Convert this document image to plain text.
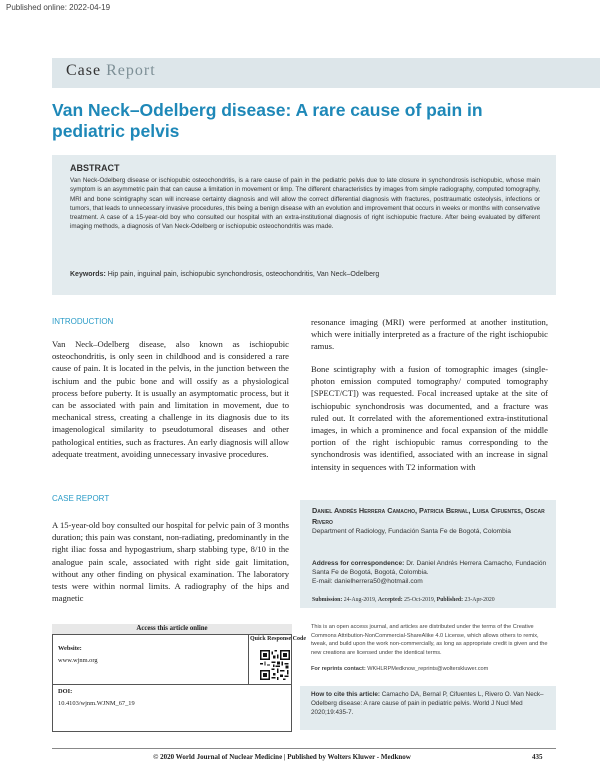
Published online: 2022-04-19
Case Report
Van Neck–Odelberg disease: A rare cause of pain in pediatric pelvis
ABSTRACT
Van Neck-Odelberg disease or ischiopubic osteochondritis, is a rare cause of pain in the pediatric pelvis due to late closure in synchondrosis ischiopubic, whose main symptom is an asymmetric pain that can cause a limitation in movement or limp. The different characteristics by images from simple radiography, computed tomography, MRI and bone scintigraphy scan will increase certainty diagnosis and will allow the correct differential diagnosis with fractures, posttraumatic osteolysis, infections or tumors, that leads to unnecessary invasive procedures, this being a benign disease with an evolution and improvement that occurs in weeks or months with conservative treatment. A case of a 15-year-old boy who consulted our hospital with an extra-institutional diagnosis of right ischiopubic fracture. After being evaluated by different imaging methods, a diagnosis of Van Neck-Odelberg or ischiopubic osteochondritis was made.
Keywords: Hip pain, inguinal pain, ischiopubic synchondrosis, osteochondritis, Van Neck–Odelberg
INTRODUCTION
Van Neck–Odelberg disease, also known as ischiopubic osteochondritis, is only seen in childhood and is considered a rare cause of pain. It is located in the pelvis, in the junction between the ischium and the pubic bone and will ossify as a physiological process before puberty. It is usually an asymptomatic process, but it can be associated with pain and limitation in movement, due to mechanical stress, creating a challenge in its diagnosis due to its imagenological similarity to pseudotumoral diseases and other pathological entities, such as fractures. An early diagnosis will allow adequate treatment, avoiding unnecessary invasive procedures.
CASE REPORT
A 15-year-old boy consulted our hospital for pelvic pain of 3 months duration; this pain was constant, non-radiating, predominantly in the right iliac fossa and hypogastrium, sharp stabbing type, 8/10 in the analogue pain scale, associated with right side gait limitation, without any other finding on physical examination. The laboratory tests were within normal limits. A radiography of the hips and magnetic
resonance imaging (MRI) were performed at another institution, which were initially interpreted as a fracture of the right ischiopubic ramus.
Bone scintigraphy with a fusion of tomographic images (single-photon emission computed tomography/ computed tomography [SPECT/CT]) was requested. Focal increased uptake at the site of ischiopubic synchondrosis was documented, and a fracture was ruled out. It correlated with the aforementioned extra-institutional images, in which a prominence and focal expansion of the middle portion of the right ischiopubic ramus corresponding to the synchondrosis was identified, associated with an increase in signal intensity in sequences with T2 information with
Daniel Andrés Herrera Camacho, Patricia Bernal, Luisa Cifuentes, Oscar Rivero
Department of Radiology, Fundación Santa Fe de Bogotá, Colombia
Address for correspondence: Dr. Daniel Andrés Herrera Camacho, Fundación Santa Fe de Bogotá, Bogotá, Colombia.
E-mail: danielherrera50@hotmail.com
Submission: 24-Aug-2019, Accepted: 25-Oct-2019, Published: 23-Apr-2020
Access this article online
Quick Response Code
Website:
www.wjnm.org
DOI:
10.4103/wjnm.WJNM_67_19
This is an open access journal, and articles are distributed under the terms of the Creative Commons Attribution-NonCommercial-ShareAlike 4.0 License, which allows others to remix, tweak, and build upon the work non-commercially, as long as appropriate credit is given and the new creations are licensed under the identical terms.
For reprints contact: WKHLRPMedknow_reprints@wolterskluwer.com
How to cite this article: Camacho DA, Bernal P, Cifuentes L, Rivero O. Van Neck–Odelberg disease: A rare cause of pain in pediatric pelvis. World J Nucl Med 2020;19:435-7.
© 2020 World Journal of Nuclear Medicine | Published by Wolters Kluwer - Medknow	435
